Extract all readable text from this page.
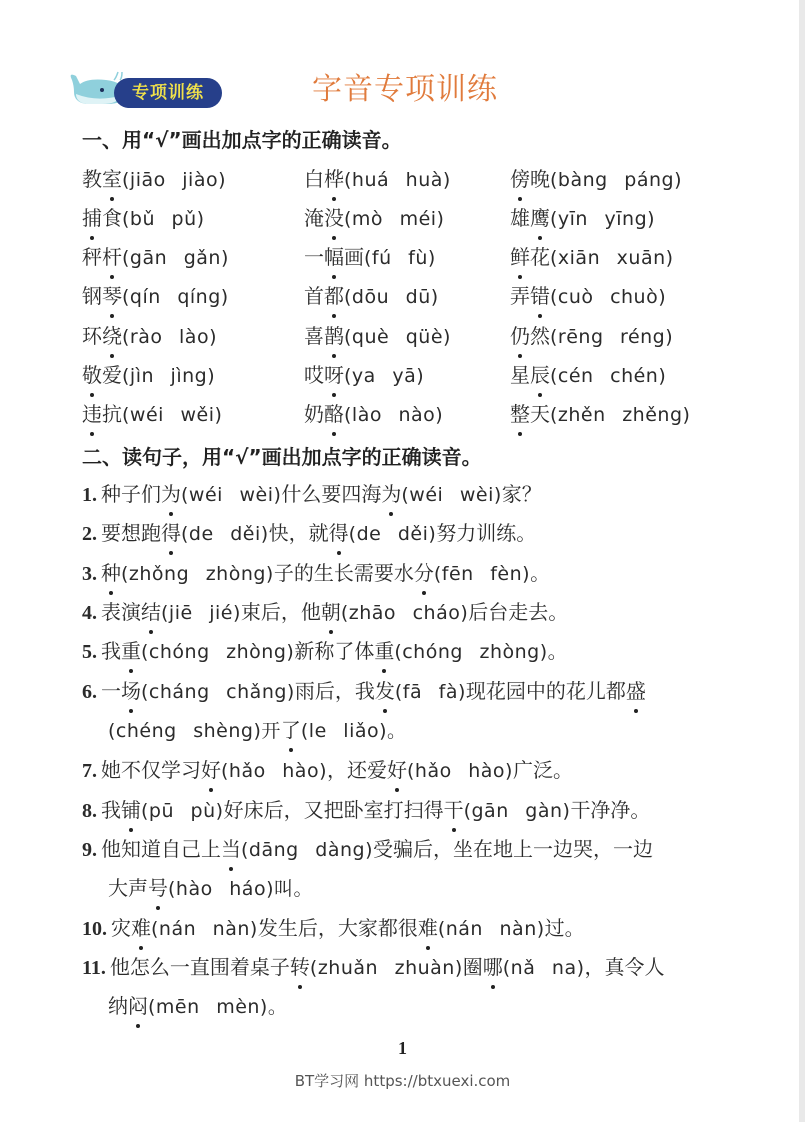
专项训练	字音专项训练
一、用“√”画出加点字的正确读音。
教室(jiāo  jiào)	白桦(huá  huà)	傍晚(bàng  páng)
捕食(bǔ  pǔ)	淹没(mò  méi)	雄鹰(yīn  yīng)
秤杆(gān  gǎn)	一幅画(fú  fù)	鲜花(xiān  xuān)
钢琴(qín  qíng)	首都(dōu  dū)	弄错(cuò  chuò)
环绕(rào  lào)	喜鹊(què  qüè)	仍然(rēng  réng)
敬爱(jìn  jìng)	哎呀(ya  yā)	星辰(cén  chén)
违抗(wéi  wěi)	奶酪(lào  nào)	整天(zhěn  zhěng)
二、读句子，用“√”画出加点字的正确读音。
1. 种子们为(wéi  wèi)什么要四海为(wéi  wèi)家？
2. 要想跑得(de  děi)快，就得(de  děi)努力训练。
3. 种(zhǒng  zhòng)子的生长需要水分(fēn  fèn)。
4. 表演结(jiē  jié)束后，他朝(zhāo  cháo)后台走去。
5. 我重(chóng  zhòng)新称了体重(chóng  zhòng)。
6. 一场(cháng  chǎng)雨后，我发(fā  fà)现花园中的花儿都盛
(chéng  shèng)开了(le  liǎo)。
7. 她不仅学习好(hǎo  hào)，还爱好(hǎo  hào)广泛。
8. 我铺(pū  pù)好床后，又把卧室打扫得干(gān  gàn)干净净。
9. 他知道自己上当(dāng  dàng)受骗后，坐在地上一边哭，一边
大声号(hào  háo)叫。
10. 灾难(nán  nàn)发生后，大家都很难(nán  nàn)过。
11. 他怎么一直围着桌子转(zhuǎn  zhuàn)圈哪(nǎ  na)，真令人
纳闷(mēn  mèn)。
1
BT学习网 https://btxuexi.com
